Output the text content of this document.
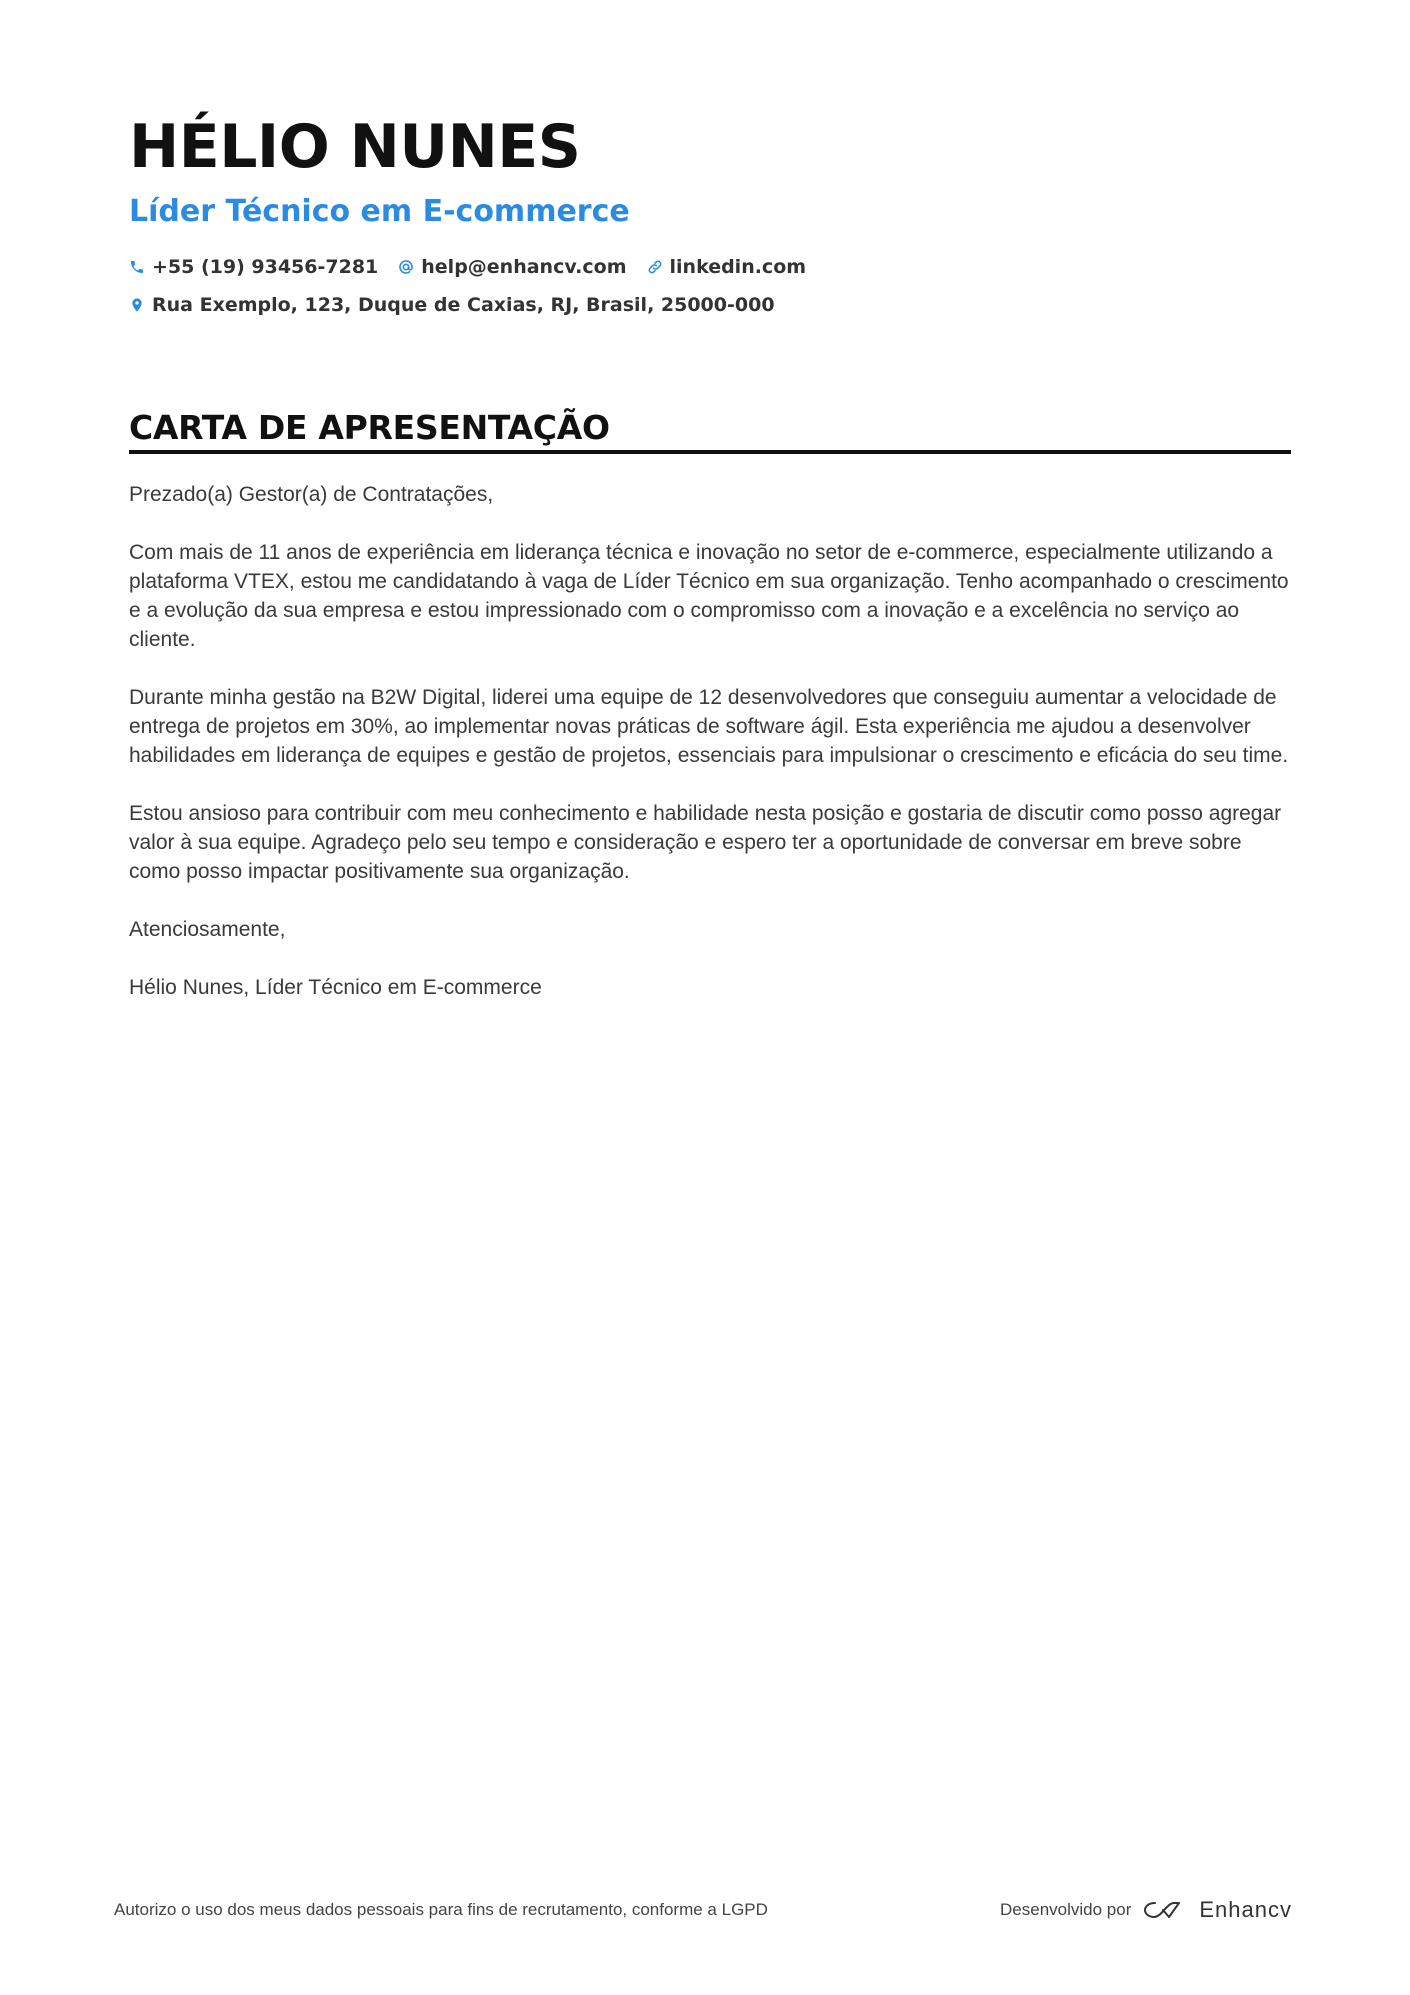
HÉLIO NUNES
Líder Técnico em E-commerce
+55 (19) 93456-7281 help@enhancv.com linkedin.com
Rua Exemplo, 123, Duque de Caxias, RJ, Brasil, 25000-000
CARTA DE APRESENTAÇÃO

Prezado(a) Gestor(a) de Contratações,

Com mais de 11 anos de experiência em liderança técnica e inovação no setor de e-commerce, especialmente utilizando a plataforma VTEX, estou me candidatando à vaga de Líder Técnico em sua organização. Tenho acompanhado o crescimento e a evolução da sua empresa e estou impressionado com o compromisso com a inovação e a excelência no serviço ao cliente.

Durante minha gestão na B2W Digital, liderei uma equipe de 12 desenvolvedores que conseguiu aumentar a velocidade de entrega de projetos em 30%, ao implementar novas práticas de software ágil. Esta experiência me ajudou a desenvolver habilidades em liderança de equipes e gestão de projetos, essenciais para impulsionar o crescimento e eficácia do seu time.

Estou ansioso para contribuir com meu conhecimento e habilidade nesta posição e gostaria de discutir como posso agregar valor à sua equipe. Agradeço pelo seu tempo e consideração e espero ter a oportunidade de conversar em breve sobre como posso impactar positivamente sua organização.

Atenciosamente,

Hélio Nunes, Líder Técnico em E-commerce

Autorizo o uso dos meus dados pessoais para fins de recrutamento, conforme a LGPD	Desenvolvido por	Enhancv
